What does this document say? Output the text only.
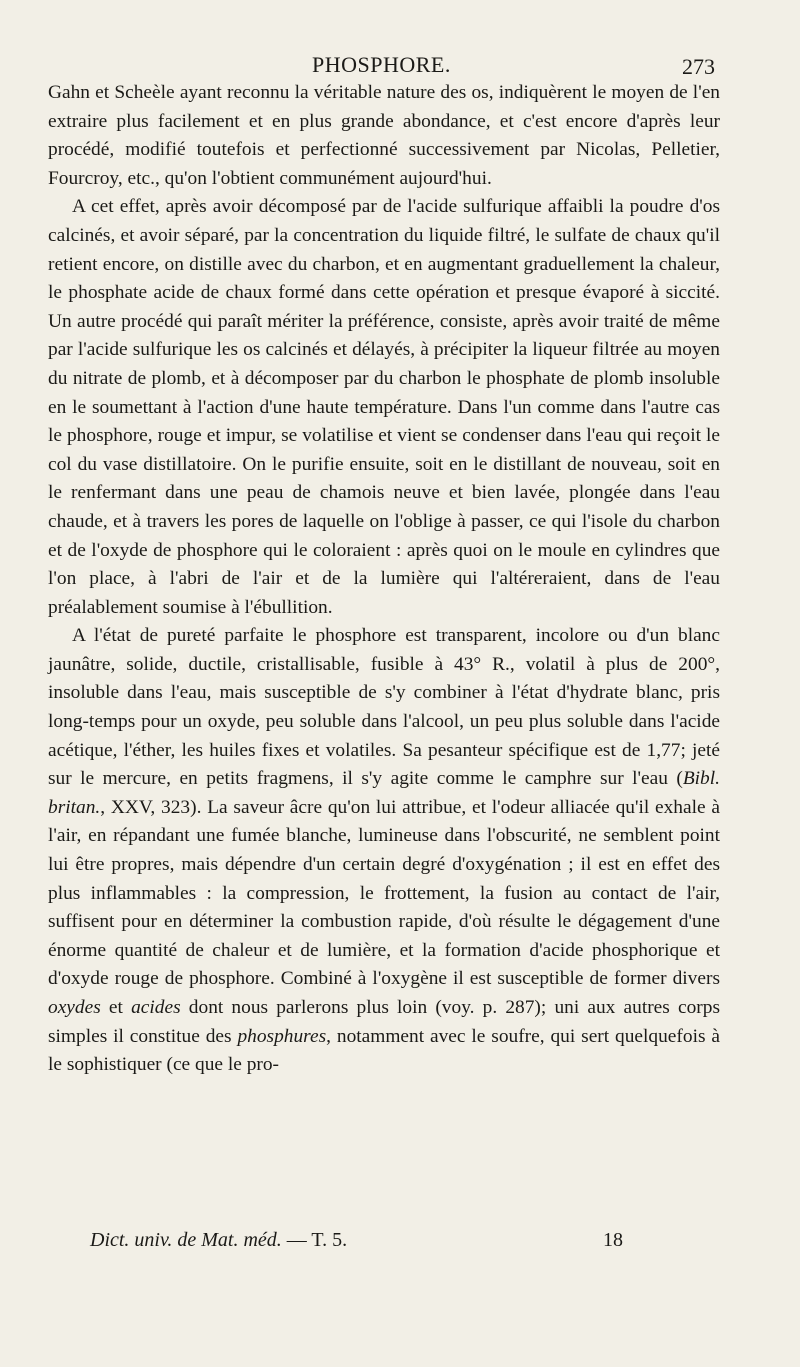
PHOSPHORE.	273

Gahn et Scheèle ayant reconnu la véritable nature des os, indiquèrent le moyen de l'en extraire plus facilement et en plus grande abondance, et c'est encore d'après leur procédé, modifié toutefois et perfectionné successivement par Nicolas, Pelletier, Fourcroy, etc., qu'on l'obtient communément aujourd'hui.

A cet effet, après avoir décomposé par de l'acide sulfurique affaibli la poudre d'os calcinés, et avoir séparé, par la concentration du liquide filtré, le sulfate de chaux qu'il retient encore, on distille avec du charbon, et en augmentant graduellement la chaleur, le phosphate acide de chaux formé dans cette opération et presque évaporé à siccité. Un autre procédé qui paraît mériter la préférence, consiste, après avoir traité de même par l'acide sulfurique les os calcinés et délayés, à précipiter la liqueur filtrée au moyen du nitrate de plomb, et à décomposer par du charbon le phosphate de plomb insoluble en le soumettant à l'action d'une haute température. Dans l'un comme dans l'autre cas le phosphore, rouge et impur, se volatilise et vient se condenser dans l'eau qui reçoit le col du vase distillatoire. On le purifie ensuite, soit en le distillant de nouveau, soit en le renfermant dans une peau de chamois neuve et bien lavée, plongée dans l'eau chaude, et à travers les pores de laquelle on l'oblige à passer, ce qui l'isole du charbon et de l'oxyde de phosphore qui le coloraient : après quoi on le moule en cylindres que l'on place, à l'abri de l'air et de la lumière qui l'altéreraient, dans de l'eau préalablement soumise à l'ébullition.

A l'état de pureté parfaite le phosphore est transparent, incolore ou d'un blanc jaunâtre, solide, ductile, cristallisable, fusible à 43° R., volatil à plus de 200°, insoluble dans l'eau, mais susceptible de s'y combiner à l'état d'hydrate blanc, pris long-temps pour un oxyde, peu soluble dans l'alcool, un peu plus soluble dans l'acide acétique, l'éther, les huiles fixes et volatiles. Sa pesanteur spécifique est de 1,77; jeté sur le mercure, en petits fragmens, il s'y agite comme le camphre sur l'eau (Bibl. britan., XXV, 323). La saveur âcre qu'on lui attribue, et l'odeur alliacée qu'il exhale à l'air, en répandant une fumée blanche, lumineuse dans l'obscurité, ne semblent point lui être propres, mais dépendre d'un certain degré d'oxygénation ; il est en effet des plus inflammables : la compression, le frottement, la fusion au contact de l'air, suffisent pour en déterminer la combustion rapide, d'où résulte le dégagement d'une énorme quantité de chaleur et de lumière, et la formation d'acide phosphorique et d'oxyde rouge de phosphore. Combiné à l'oxygène il est susceptible de former divers oxydes et acides dont nous parlerons plus loin (voy. p. 287); uni aux autres corps simples il constitue des phosphures, notamment avec le soufre, qui sert quelquefois à le sophistiquer (ce que le pro-

Dict. univ. de Mat. méd. — T. 5.	18
